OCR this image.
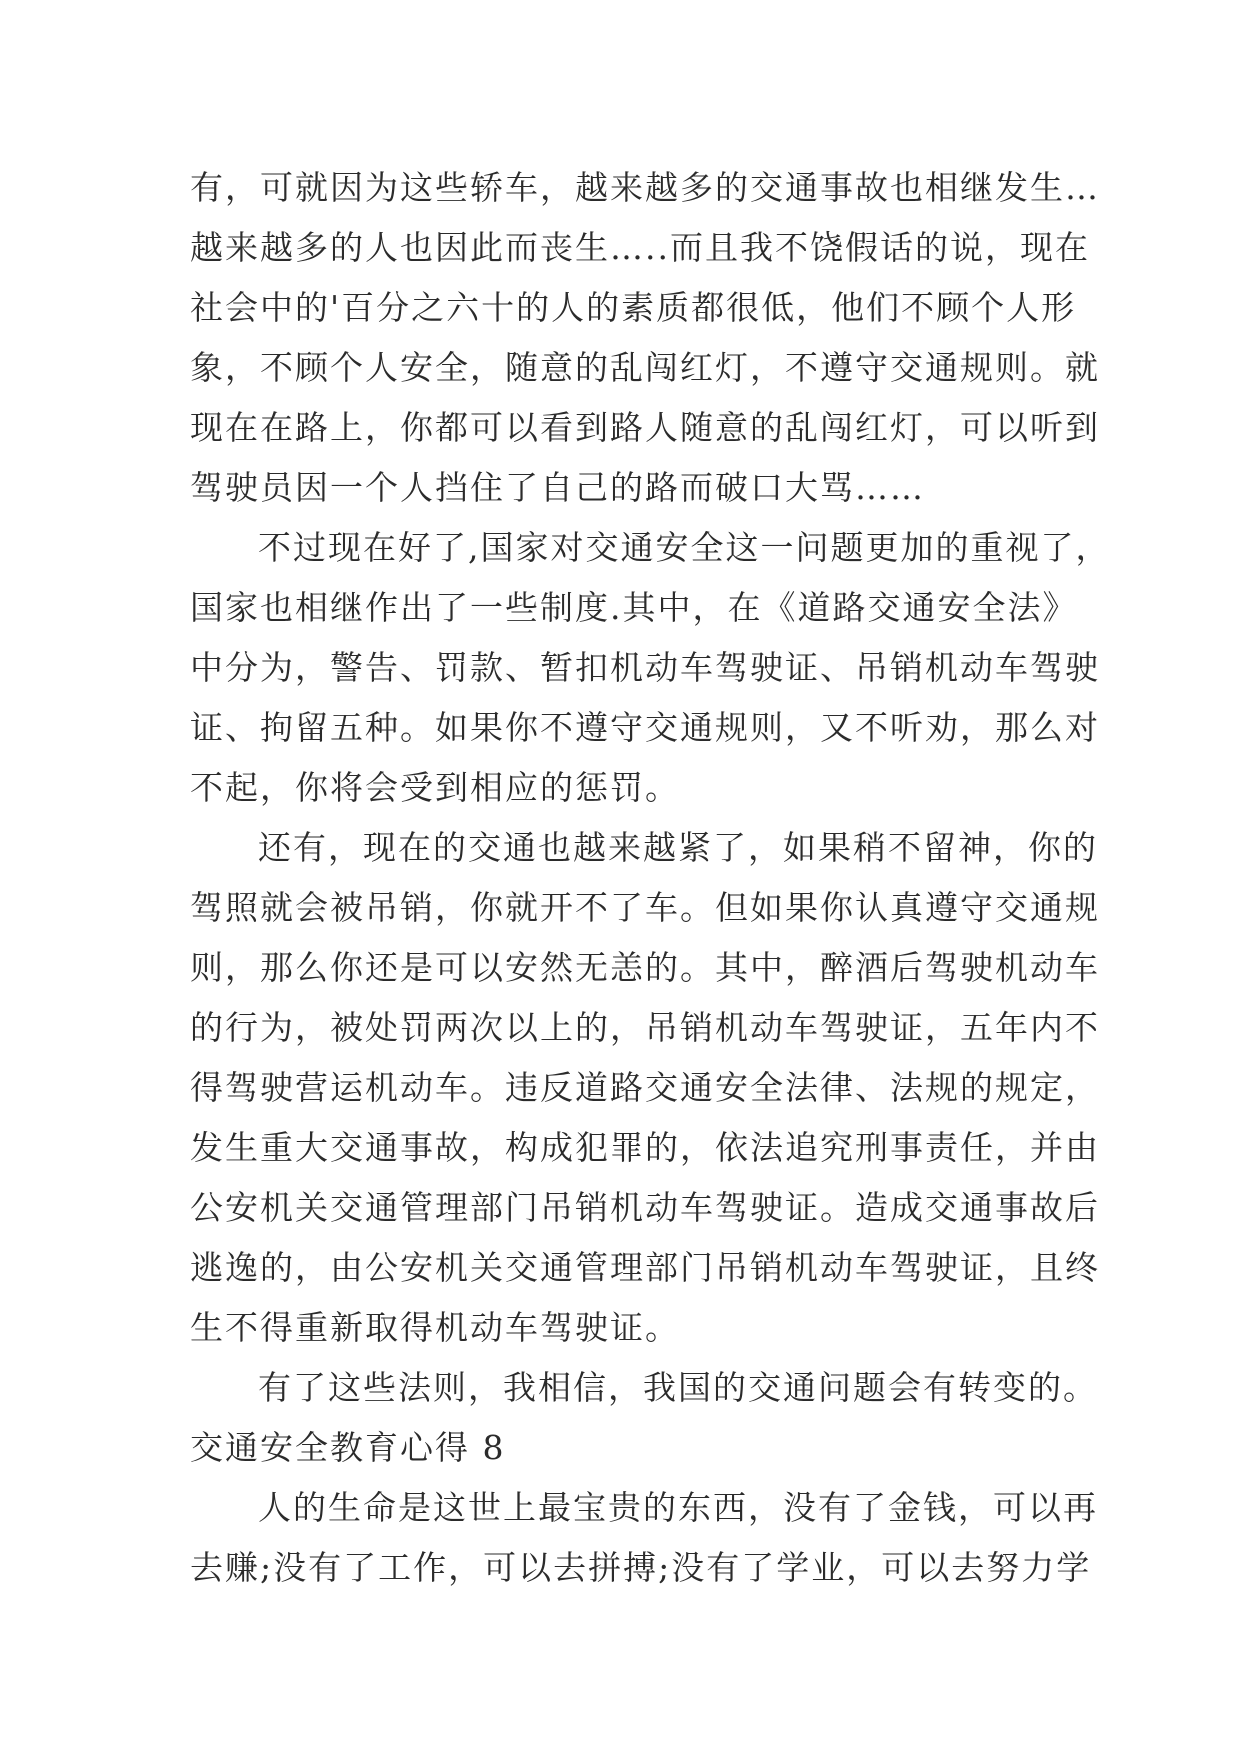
有，可就因为这些轿车，越来越多的交通事故也相继发生…
越来越多的人也因此而丧生…..而且我不饶假话的说，现在
社会中的'百分之六十的人的素质都很低，他们不顾个人形
象，不顾个人安全，随意的乱闯红灯，不遵守交通规则。就
现在在路上，你都可以看到路人随意的乱闯红灯，可以听到
驾驶员因一个人挡住了自己的路而破口大骂……
不过现在好了,国家对交通安全这一问题更加的重视了，
国家也相继作出了一些制度.其中，在《道路交通安全法》
中分为，警告、罚款、暂扣机动车驾驶证、吊销机动车驾驶
证、拘留五种。如果你不遵守交通规则，又不听劝，那么对
不起，你将会受到相应的惩罚。
还有，现在的交通也越来越紧了，如果稍不留神，你的
驾照就会被吊销，你就开不了车。但如果你认真遵守交通规
则，那么你还是可以安然无恙的。其中，醉酒后驾驶机动车
的行为，被处罚两次以上的，吊销机动车驾驶证，五年内不
得驾驶营运机动车。违反道路交通安全法律、法规的规定，
发生重大交通事故，构成犯罪的，依法追究刑事责任，并由
公安机关交通管理部门吊销机动车驾驶证。造成交通事故后
逃逸的，由公安机关交通管理部门吊销机动车驾驶证，且终
生不得重新取得机动车驾驶证。
有了这些法则，我相信，我国的交通问题会有转变的。
交通安全教育心得 8
人的生命是这世上最宝贵的东西，没有了金钱，可以再
去赚;没有了工作，可以去拼搏;没有了学业，可以去努力学
